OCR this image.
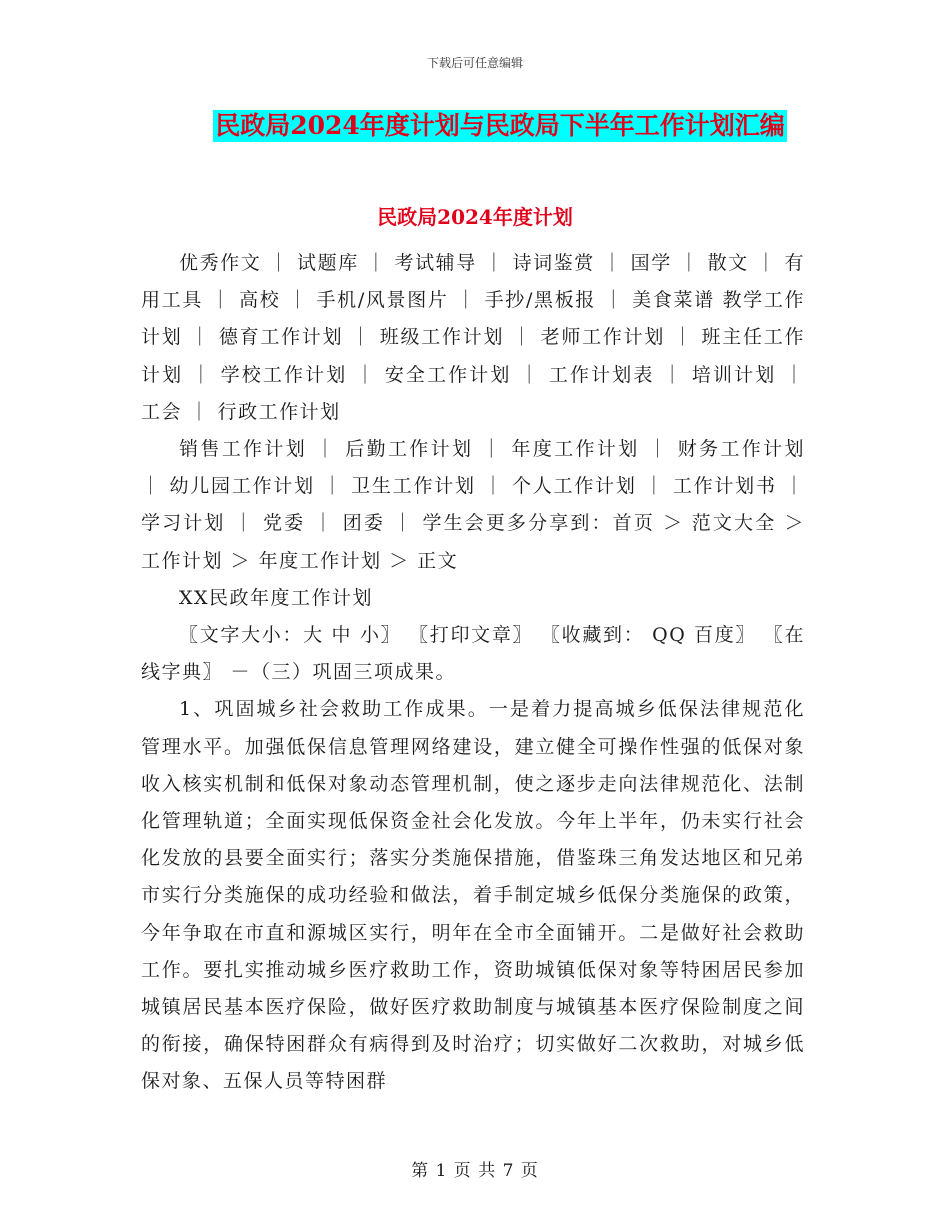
下载后可任意编辑
民政局2024年度计划与民政局下半年工作计划汇编
民政局2024年度计划

优秀作文 ｜ 试题库 ｜ 考试辅导 ｜ 诗词鉴赏 ｜ 国学 ｜ 散文 ｜ 有用工具 ｜ 高校 ｜ 手机/风景图片 ｜ 手抄/黑板报 ｜ 美食菜谱 教学工作计划 ｜ 德育工作计划 ｜ 班级工作计划 ｜ 老师工作计划 ｜ 班主任工作计划 ｜ 学校工作计划 ｜ 安全工作计划 ｜ 工作计划表 ｜ 培训计划 ｜ 工会 ｜ 行政工作计划

销售工作计划 ｜ 后勤工作计划 ｜ 年度工作计划 ｜ 财务工作计划 ｜ 幼儿园工作计划 ｜ 卫生工作计划 ｜ 个人工作计划 ｜ 工作计划书 ｜ 学习计划 ｜ 党委 ｜ 团委 ｜ 学生会更多分享到：首页 ＞ 范文大全 ＞ 工作计划 ＞ 年度工作计划 ＞ 正文

XX民政年度工作计划

〖文字大小：大 中 小〗 〖打印文章〗 〖收藏到： QQ 百度〗 〖在线字典〗 －（三）巩固三项成果。

1、巩固城乡社会救助工作成果。一是着力提高城乡低保法律规范化管理水平。加强低保信息管理网络建设，建立健全可操作性强的低保对象收入核实机制和低保对象动态管理机制，使之逐步走向法律规范化、法制化管理轨道；全面实现低保资金社会化发放。今年上半年，仍未实行社会化发放的县要全面实行；落实分类施保措施，借鉴珠三角发达地区和兄弟市实行分类施保的成功经验和做法，着手制定城乡低保分类施保的政策，今年争取在市直和源城区实行，明年在全市全面铺开。二是做好社会救助工作。要扎实推动城乡医疗救助工作，资助城镇低保对象等特困居民参加城镇居民基本医疗保险，做好医疗救助制度与城镇基本医疗保险制度之间的衔接，确保特困群众有病得到及时治疗；切实做好二次救助，对城乡低保对象、五保人员等特困群

第 1 页 共 7 页
